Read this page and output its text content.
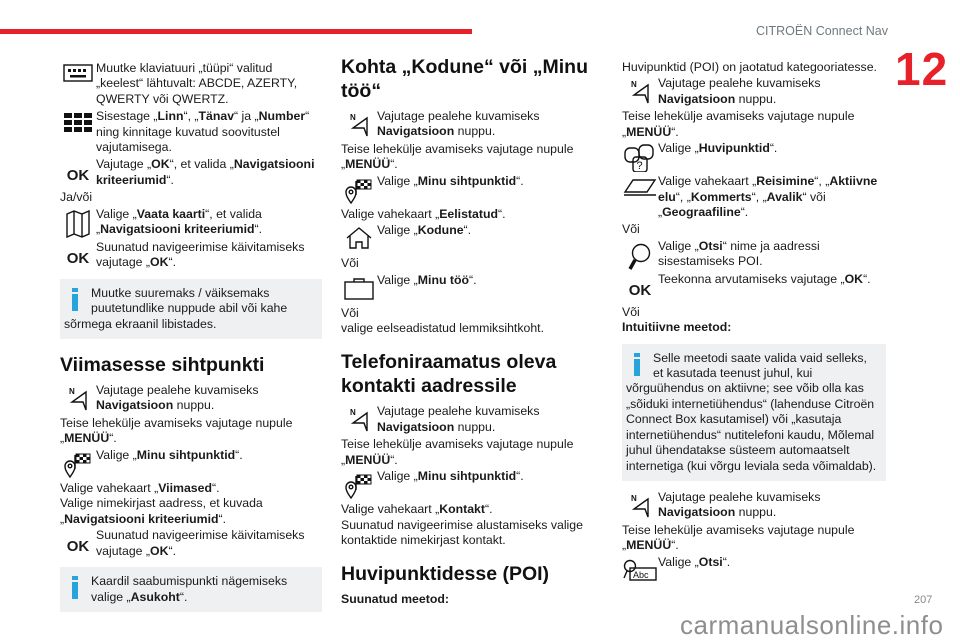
CITROËN Connect Nav
12
Muutke klaviatuuri „tüüpi“ valitud „keelest“ lähtuvalt: ABCDE, AZERTY, QWERTY või QWERTZ.
Sisestage „Linn“, „Tänav“ ja „Number“ ning kinnitage kuvatud soovitustel vajutamisega.
OK
Vajutage „OK“, et valida „Navigatsiooni kriteeriumid“.
Ja/või
Valige „Vaata kaarti“, et valida „Navigatsiooni kriteeriumid“.
OK
Suunatud navigeerimise käivitamiseks vajutage „OK“.
Muutke suuremaks / väiksemaks puutetundlike nuppude abil või kahe sõrmega ekraanil libistades.
Viimasesse sihtpunkti
N	Vajutage pealehe kuvamiseks Navigatsioon nuppu.
Teise lehekülje avamiseks vajutage nupule „MENÜÜ“.
Valige „Minu sihtpunktid“.
Valige vahekaart „Viimased“.
Valige nimekirjast aadress, et kuvada „Navigatsiooni kriteeriumid“.
OK
Suunatud navigeerimise käivitamiseks vajutage „OK“.
Kaardil saabumispunkti nägemiseks valige „Asukoht“.
Kohta „Kodune“ või „Minu töö“
N	Vajutage pealehe kuvamiseks Navigatsioon nuppu.
Teise lehekülje avamiseks vajutage nupule „MENÜÜ“.
Valige „Minu sihtpunktid“.
Valige vahekaart „Eelistatud“.
Valige „Kodune“.
Või
Valige „Minu töö“.
Või
valige eelseadistatud lemmiksihtkoht.
Telefoniraamatus oleva kontakti aadressile
N	Vajutage pealehe kuvamiseks Navigatsioon nuppu.
Teise lehekülje avamiseks vajutage nupule „MENÜÜ“.
Valige „Minu sihtpunktid“.
Valige vahekaart „Kontakt“.
Suunatud navigeerimise alustamiseks valige kontaktide nimekirjast kontakt.
Huvipunktidesse (POI)
Suunatud meetod:
Huvipunktid (POI) on jaotatud kategooriatesse.
N	Vajutage pealehe kuvamiseks Navigatsioon nuppu.
Teise lehekülje avamiseks vajutage nupule „MENÜÜ“.
?
Valige „Huvipunktid“.
Valige vahekaart „Reisimine“, „Aktiivne elu“, „Kommerts“, „Avalik“ või „Geograafiline“.
Või
Valige „Otsi“ nime ja aadressi sisestamiseks POI.
OK
Teekonna arvutamiseks vajutage „OK“.
Või
Intuitiivne meetod:
Selle meetodi saate valida vaid selleks, et kasutada teenust juhul, kui võrguühendus on aktiivne; see võib olla kas „sõiduki internetiühendus“ (lahenduse Citroën Connect Box kasutamisel) või „kasutaja internetiühendus“ nutitelefoni kaudu, Mõlemal juhul ühendatakse süsteem automaatselt internetiga (kui võrgu leviala seda võimaldab).
N	Vajutage pealehe kuvamiseks Navigatsioon nuppu.
Teise lehekülje avamiseks vajutage nupule „MENÜÜ“.
Abc
Valige „Otsi“.
carmanualsonline.info
207
